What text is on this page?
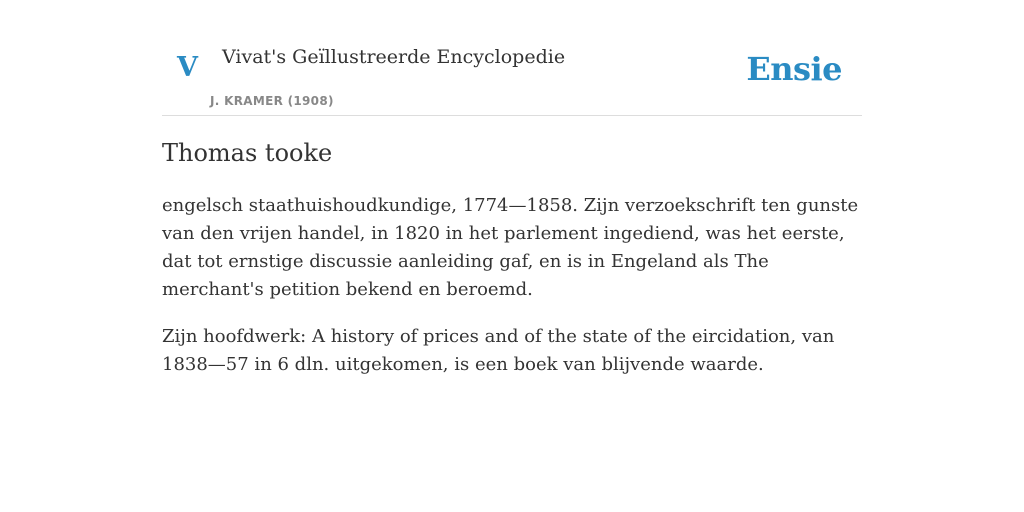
V Vivat's Geïllustreerde Encyclopedie
J. KRAMER (1908)
Ensie
Thomas tooke

engelsch staathuishoudkundige, 1774—1858. Zijn verzoekschrift ten gunste van den vrijen handel, in 1820 in het parlement ingediend, was het eerste, dat tot ernstige discussie aanleiding gaf, en is in Engeland als The merchant's petition bekend en beroemd.

Zijn hoofdwerk: A history of prices and of the state of the eircidation, van 1838—57 in 6 dln. uitgekomen, is een boek van blijvende waarde.
